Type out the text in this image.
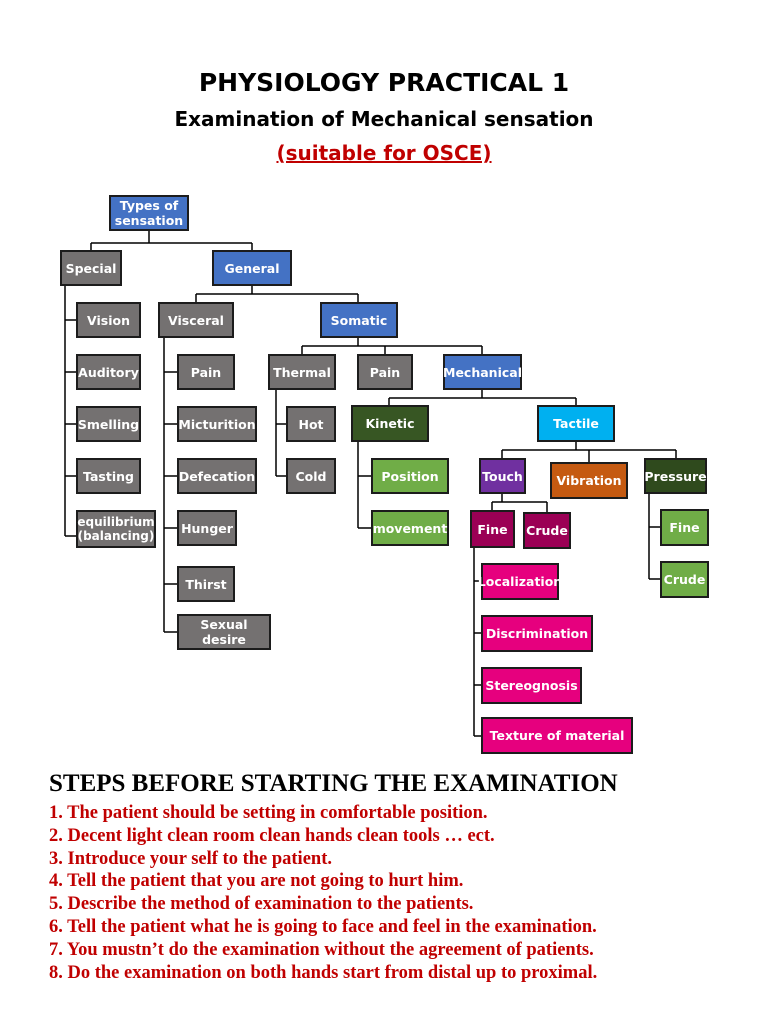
PHYSIOLOGY PRACTICAL 1
Examination of Mechanical sensation

(suitable for OSCE)

Types of sensation
Special	General
Vision
Auditory
Smelling
Tasting
equilibrium (balancing)
Visceral	Somatic
Pain
Micturition
Defecation
Hunger
Thirst
Sexual desire
Thermal	Pain	Mechanical
Hot
Cold
Kinetic	Tactile
Position
movement
Touch	Vibration	Pressure
Fine	Crude	Fine
Crude
Localization
Discrimination
Stereognosis
Texture of material
STEPS BEFORE STARTING THE EXAMINATION
1. The patient should be setting in comfortable position.
2. Decent light clean room clean hands clean tools … ect.
3. Introduce your self to the patient.
4. Tell the patient that you are not going to hurt him.
5. Describe the method of examination to the patients.
6. Tell the patient what he is going to face and feel in the examination.
7. You mustn’t do the examination without the agreement of patients.
8. Do the examination on both hands start from distal up to proximal.
